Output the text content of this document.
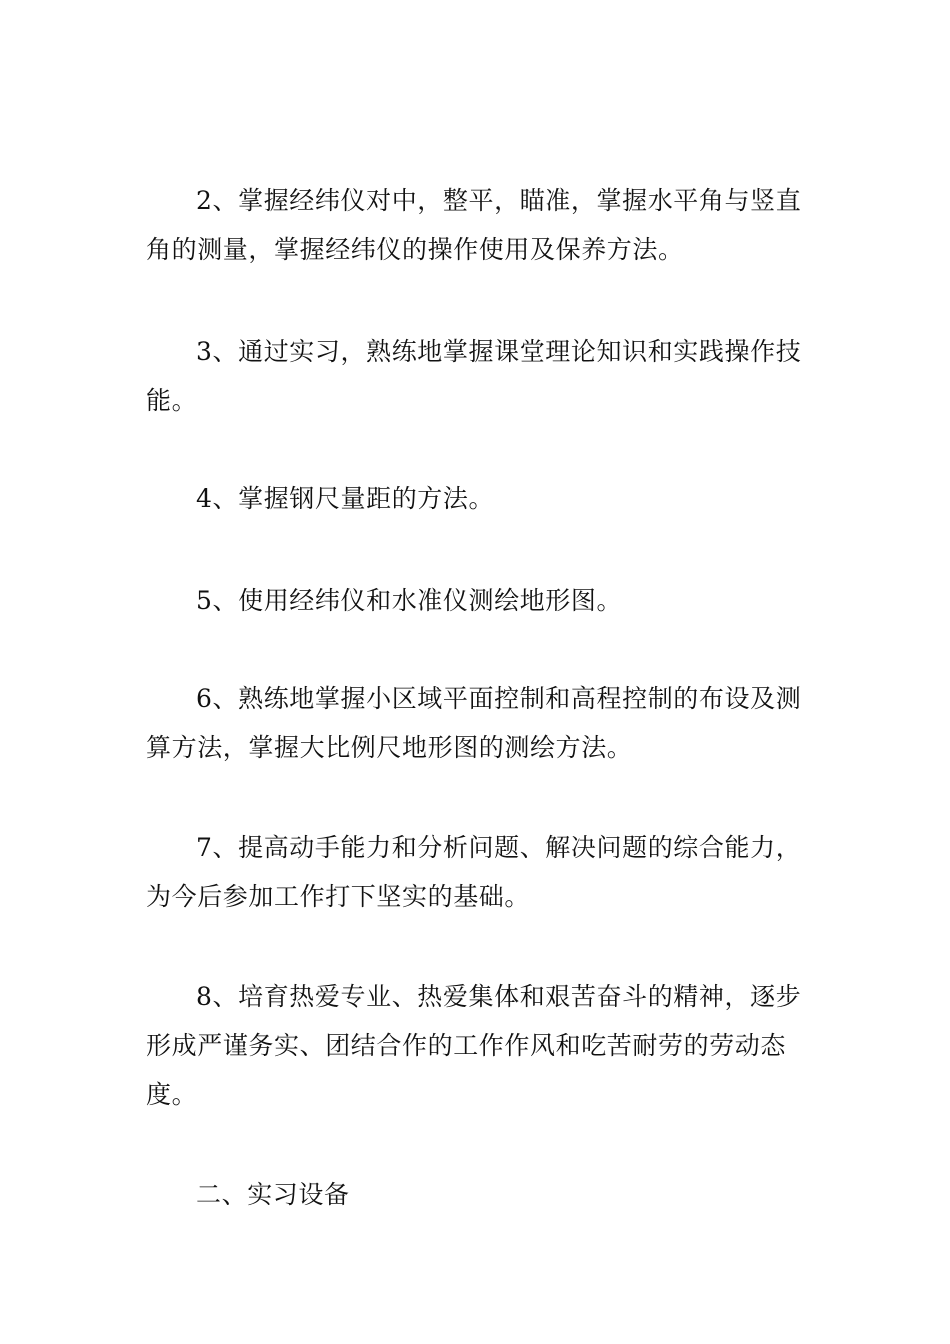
2、掌握经纬仪对中，整平，瞄准，掌握水平角与竖直角的测量，掌握经纬仪的操作使用及保养方法。

3、通过实习，熟练地掌握课堂理论知识和实践操作技能。

4、掌握钢尺量距的方法。

5、使用经纬仪和水准仪测绘地形图。

6、熟练地掌握小区域平面控制和高程控制的布设及测算方法，掌握大比例尺地形图的测绘方法。

7、提高动手能力和分析问题、解决问题的综合能力，为今后参加工作打下坚实的基础。

8、培育热爱专业、热爱集体和艰苦奋斗的精神，逐步形成严谨务实、团结合作的工作作风和吃苦耐劳的劳动态度。

二、实习设备
